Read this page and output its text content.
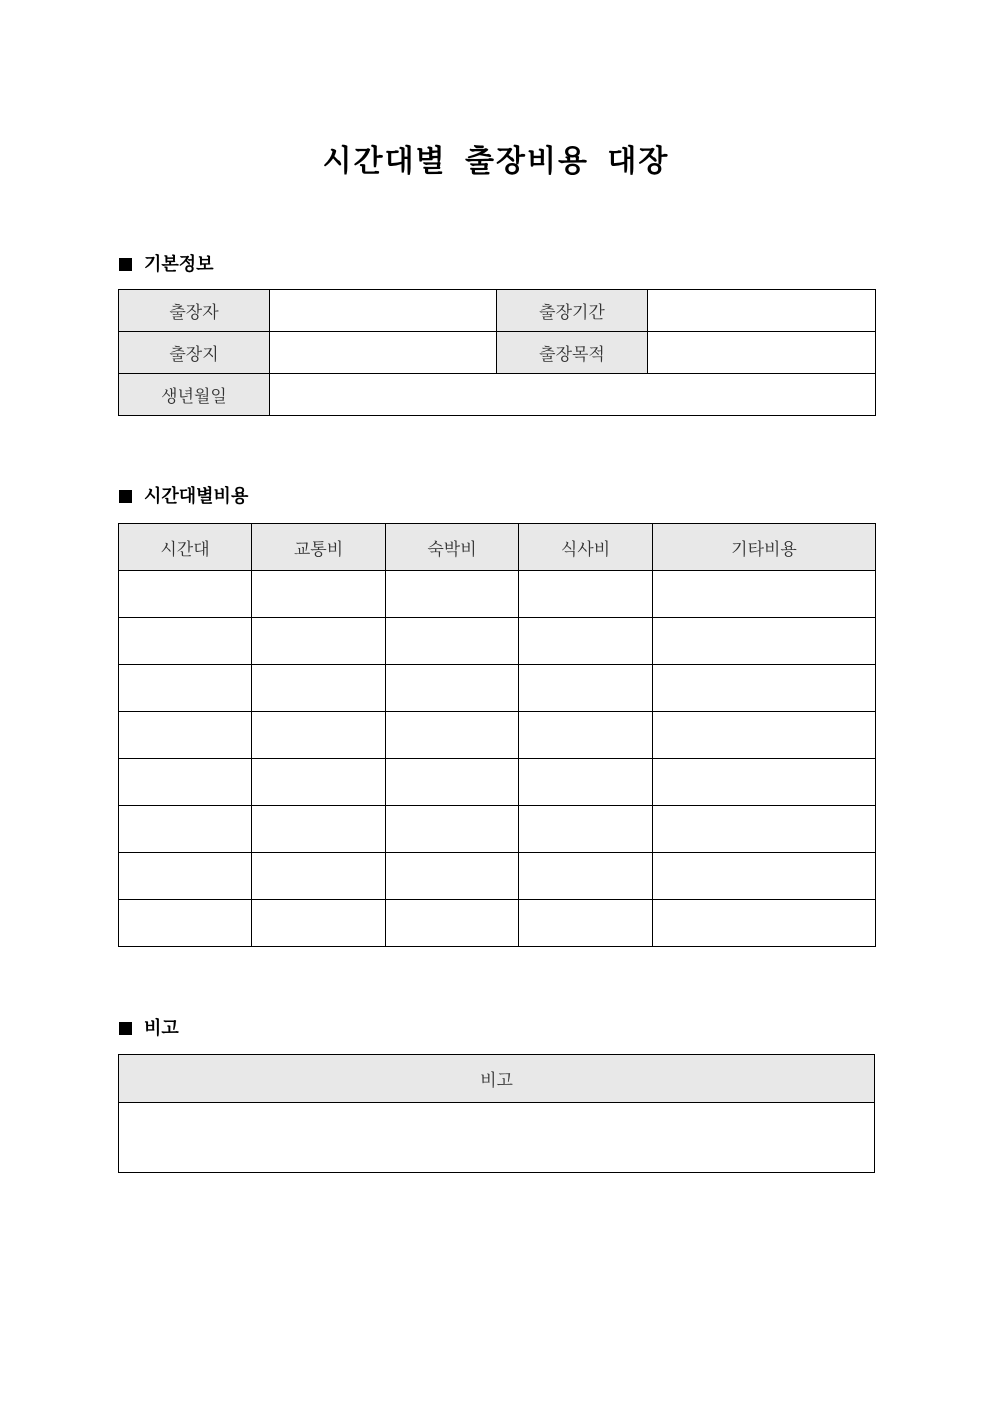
시간대별 출장비용 대장
기본정보
출장자		출장기간	
출장지		출장목적	
생년월일			
시간대별비용
시간대	교통비	숙박비	식사비	기타비용

비고
비고
